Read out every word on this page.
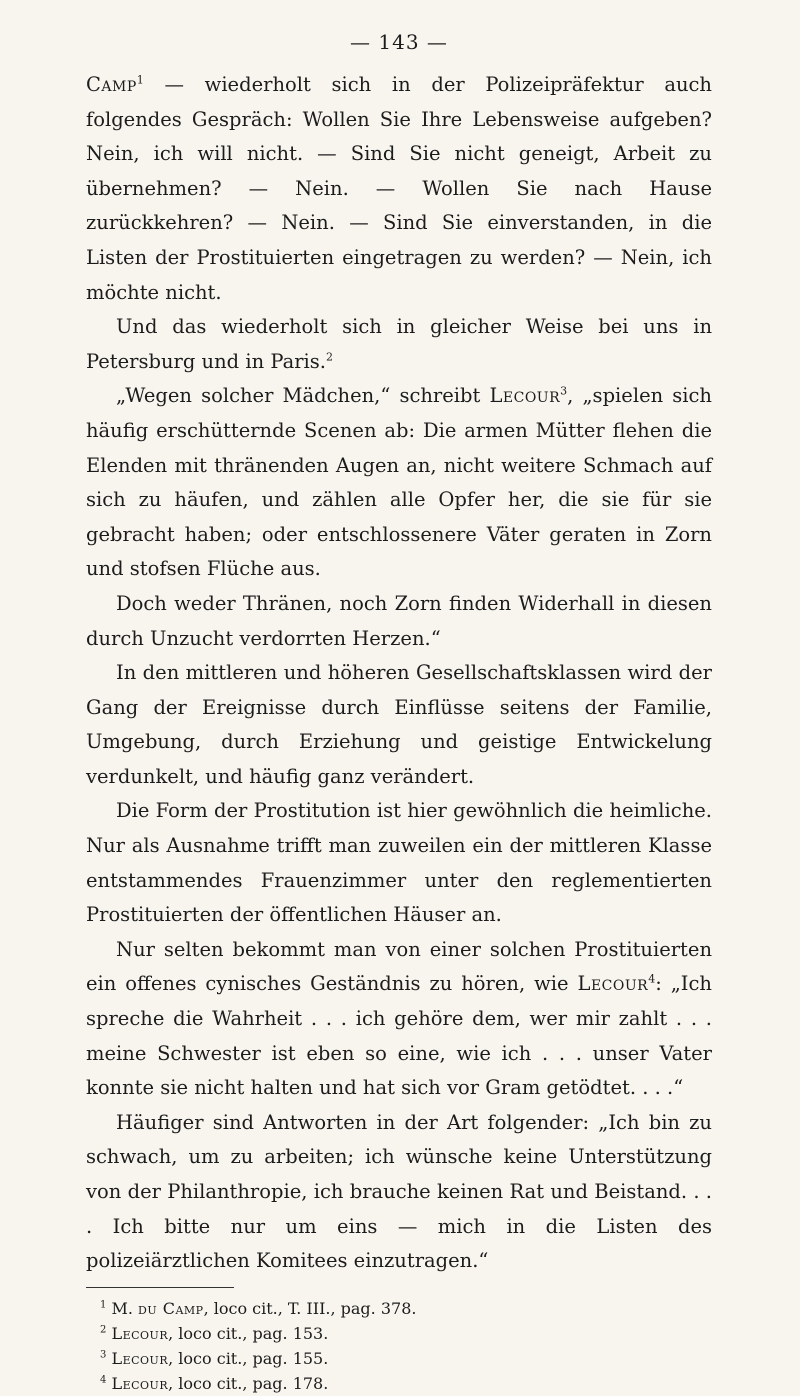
— 143 —

Camp$^1$ — wiederholt sich in der Polizeipräfektur auch folgendes Gespräch: Wollen Sie Ihre Lebensweise aufgeben? Nein, ich will nicht. — Sind Sie nicht geneigt, Arbeit zu übernehmen? — Nein. — Wollen Sie nach Hause zurückkehren? — Nein. — Sind Sie einverstanden, in die Listen der Prostituierten eingetragen zu werden? — Nein, ich möchte nicht.

Und das wiederholt sich in gleicher Weise bei uns in Petersburg und in Paris.$^2$

„Wegen solcher Mädchen,“ schreibt Lecour$^3$, „spielen sich häufig erschütternde Scenen ab: Die armen Mütter flehen die Elenden mit thränenden Augen an, nicht weitere Schmach auf sich zu häufen, und zählen alle Opfer her, die sie für sie gebracht haben; oder entschlossenere Väter geraten in Zorn und stofsen Flüche aus.

Doch weder Thränen, noch Zorn finden Widerhall in diesen durch Unzucht verdorrten Herzen.“

In den mittleren und höheren Gesellschaftsklassen wird der Gang der Ereignisse durch Einflüsse seitens der Familie, Umgebung, durch Erziehung und geistige Entwickelung verdunkelt, und häufig ganz verändert.

Die Form der Prostitution ist hier gewöhnlich die heimliche. Nur als Ausnahme trifft man zuweilen ein der mittleren Klasse entstammendes Frauenzimmer unter den reglementierten Prostituierten der öffentlichen Häuser an.

Nur selten bekommt man von einer solchen Prostituierten ein offenes cynisches Geständnis zu hören, wie Lecour$^4$: „Ich spreche die Wahrheit . . . ich gehöre dem, wer mir zahlt . . . meine Schwester ist eben so eine, wie ich . . . unser Vater konnte sie nicht halten und hat sich vor Gram getödtet. . . .“

Häufiger sind Antworten in der Art folgender: „Ich bin zu schwach, um zu arbeiten; ich wünsche keine Unterstützung von der Philanthropie, ich brauche keinen Rat und Beistand. . . . Ich bitte nur um eins — mich in die Listen des polizeiärztlichen Komitees einzutragen.“

$^1$ M. du Camp, loco cit., T. III., pag. 378.

$^2$ Lecour, loco cit., pag. 153.

$^3$ Lecour, loco cit., pag. 155.

$^4$ Lecour, loco cit., pag. 178.
